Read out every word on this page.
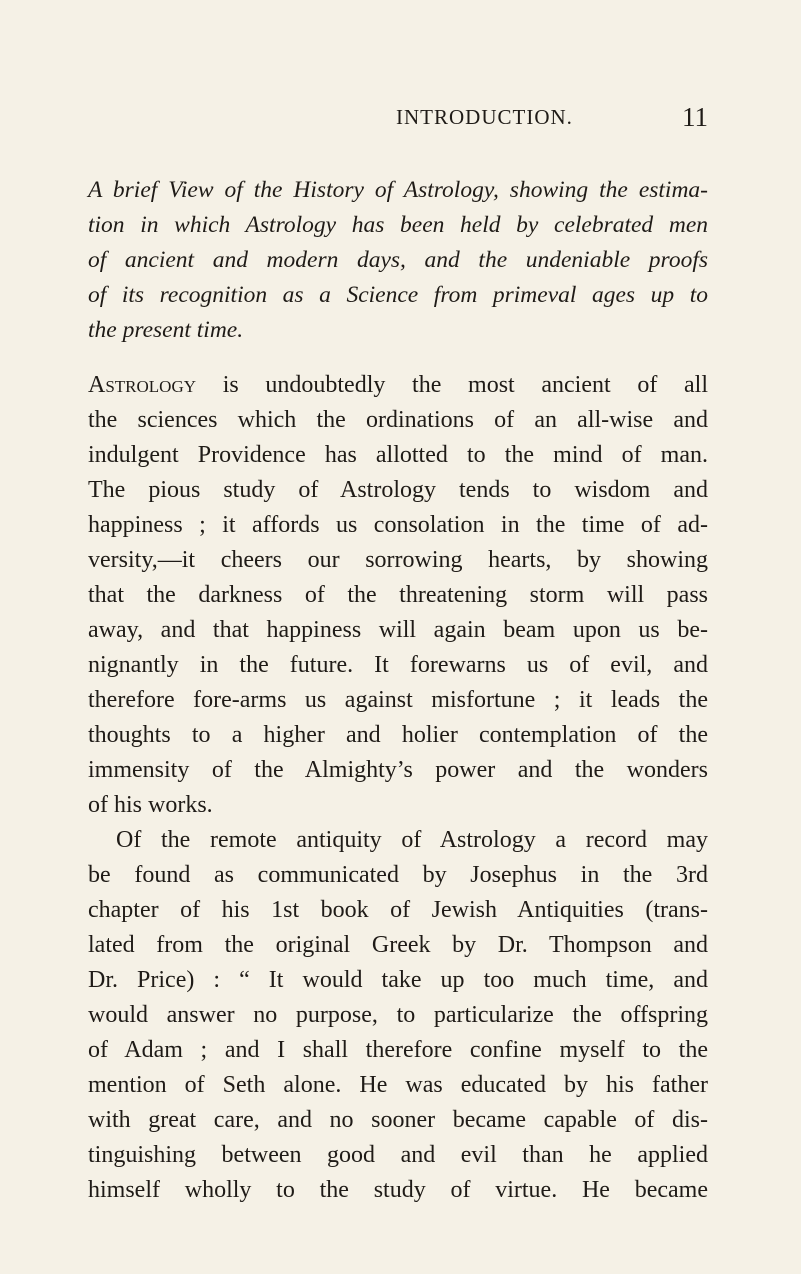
INTRODUCTION.	11
A brief View of the History of Astrology, showing the estima-
tion in which Astrology has been held by celebrated men
of ancient and modern days, and the undeniable proofs
of its recognition as a Science from primeval ages up to
the present time.
Astrology is undoubtedly the most ancient of all
the sciences which the ordinations of an all-wise and
indulgent Providence has allotted to the mind of man.
The pious study of Astrology tends to wisdom and
happiness ; it affords us consolation in the time of ad-
versity,—it cheers our sorrowing hearts, by showing
that the darkness of the threatening storm will pass
away, and that happiness will again beam upon us be-
nignantly in the future. It forewarns us of evil, and
therefore fore-arms us against misfortune ; it leads the
thoughts to a higher and holier contemplation of the
immensity of the Almighty’s power and the wonders
of his works.
Of the remote antiquity of Astrology a record may
be found as communicated by Josephus in the 3rd
chapter of his 1st book of Jewish Antiquities (trans-
lated from the original Greek by Dr. Thompson and
Dr. Price) : “ It would take up too much time, and
would answer no purpose, to particularize the offspring
of Adam ; and I shall therefore confine myself to the
mention of Seth alone. He was educated by his father
with great care, and no sooner became capable of dis-
tinguishing between good and evil than he applied
himself wholly to the study of virtue. He became
